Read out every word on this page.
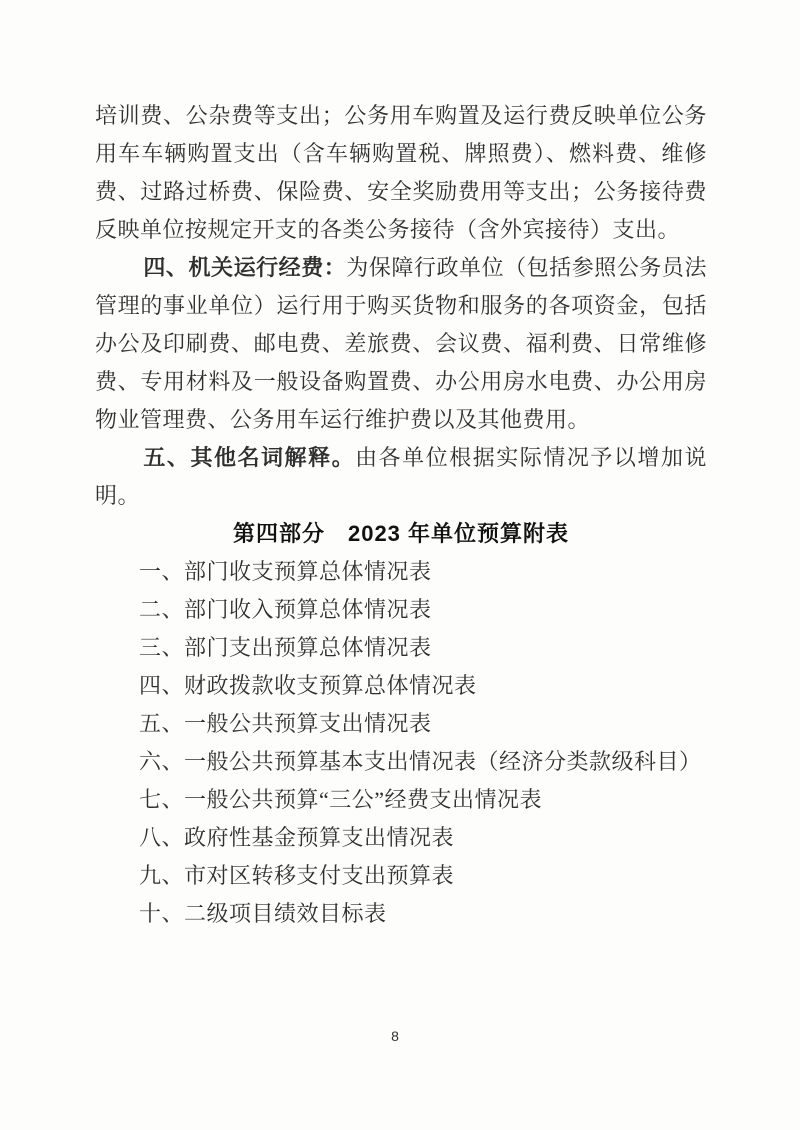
培训费、公杂费等支出；公务用车购置及运行费反映单位公务用车车辆购置支出（含车辆购置税、牌照费）、燃料费、维修费、过路过桥费、保险费、安全奖励费用等支出；公务接待费反映单位按规定开支的各类公务接待（含外宾接待）支出。

四、机关运行经费：为保障行政单位（包括参照公务员法管理的事业单位）运行用于购买货物和服务的各项资金，包括办公及印刷费、邮电费、差旅费、会议费、福利费、日常维修费、专用材料及一般设备购置费、办公用房水电费、办公用房物业管理费、公务用车运行维护费以及其他费用。

五、其他名词解释。由各单位根据实际情况予以增加说明。

第四部分　2023 年单位预算附表

一、部门收支预算总体情况表

二、部门收入预算总体情况表

三、部门支出预算总体情况表

四、财政拨款收支预算总体情况表

五、一般公共预算支出情况表

六、一般公共预算基本支出情况表（经济分类款级科目）

七、一般公共预算“三公”经费支出情况表

八、政府性基金预算支出情况表

九、市对区转移支付支出预算表

十、二级项目绩效目标表

8
